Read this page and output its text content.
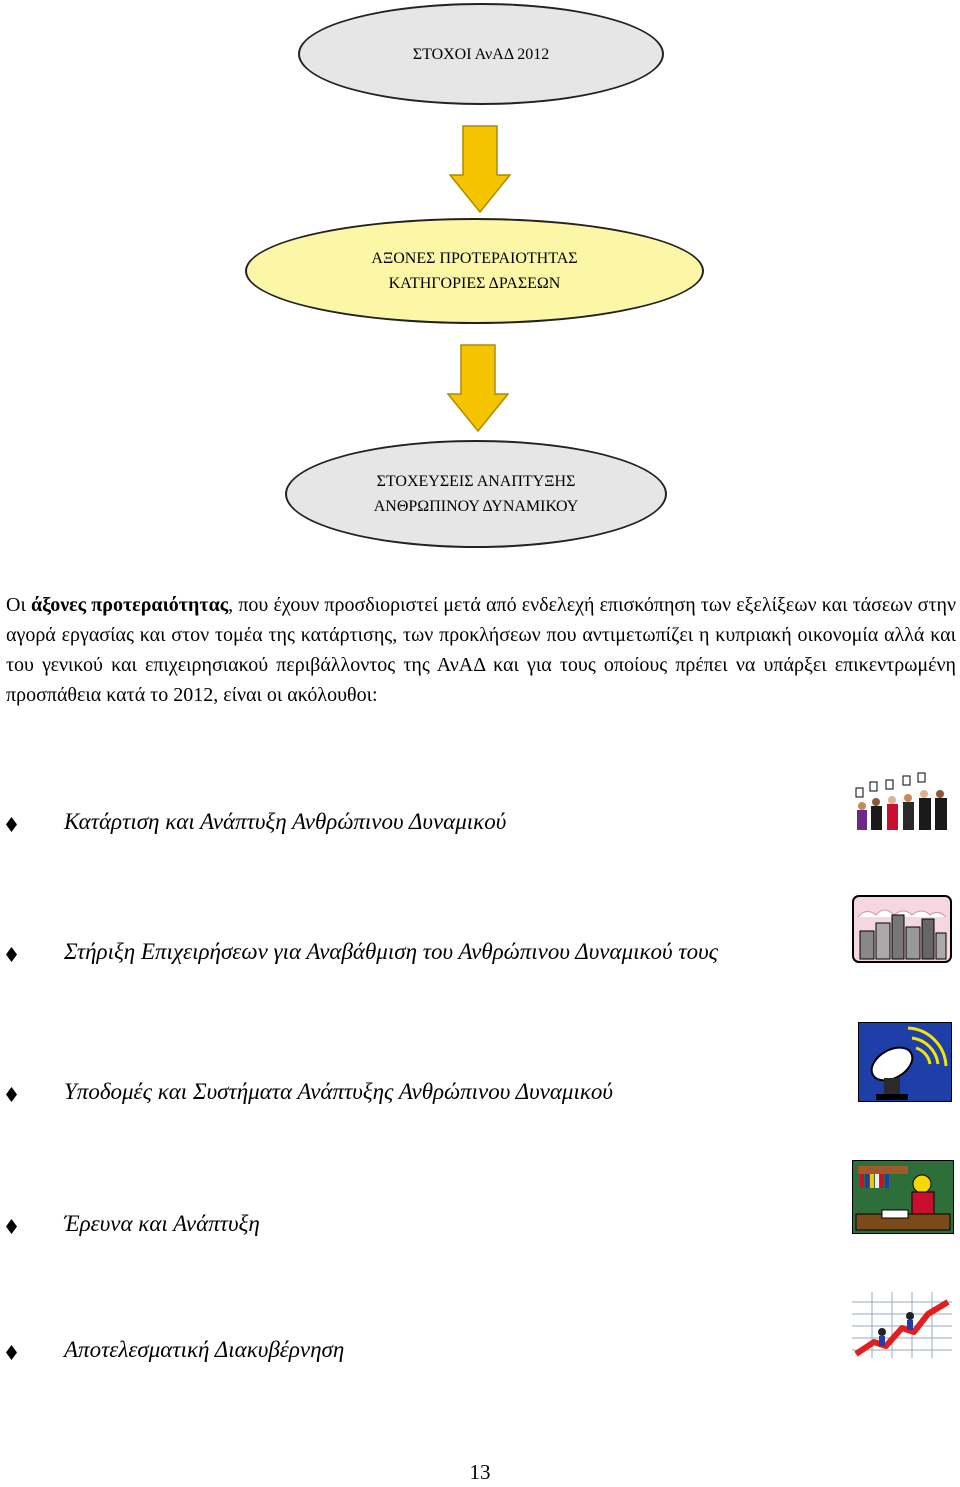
ΣΤΟΧΟΙ ΑνΑΔ 2012
ΑΞΟΝΕΣ ΠΡΟΤΕΡΑΙΟΤΗΤΑΣ
ΚΑΤΗΓΟΡΙΕΣ ΔΡΑΣΕΩΝ
ΣΤΟΧΕΥΣΕΙΣ ΑΝΑΠΤΥΞΗΣ
ΑΝΘΡΩΠΙΝΟΥ ΔΥΝΑΜΙΚΟΥ

Οι άξονες προτεραιότητας, που έχουν προσδιοριστεί μετά από ενδελεχή επισκόπηση των εξελίξεων και τάσεων στην αγορά εργασίας και στον τομέα της κατάρτισης, των προκλήσεων που αντιμετωπίζει η κυπριακή οικονομία αλλά και του γενικού και επιχειρησιακού περιβάλλοντος της ΑνΑΔ και για τους οποίους πρέπει να υπάρξει επικεντρωμένη προσπάθεια κατά το 2012, είναι οι ακόλουθοι:

Κατάρτιση και Ανάπτυξη Ανθρώπινου Δυναμικού
Στήριξη Επιχειρήσεων για Αναβάθμιση του Ανθρώπινου Δυναμικού τους
Υποδομές και Συστήματα Ανάπτυξης Ανθρώπινου Δυναμικού
Έρευνα και Ανάπτυξη
Αποτελεσματική Διακυβέρνηση
13
